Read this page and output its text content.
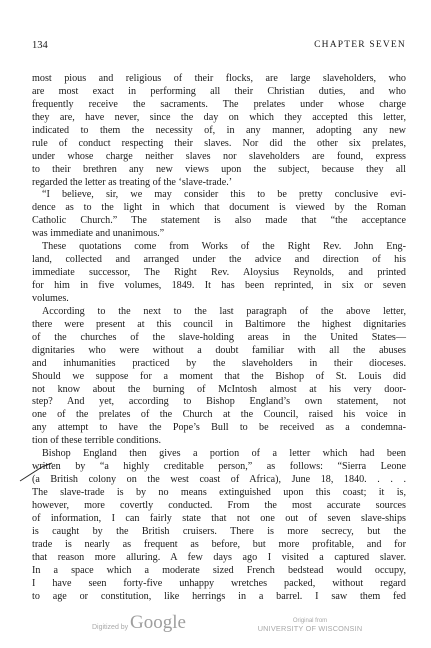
134	CHAPTER SEVEN
most pious and religious of their flocks, are large slaveholders, who
are most exact in performing all their Christian duties, and who
frequently receive the sacraments. The prelates under whose charge
they are, have never, since the day on which they accepted this letter,
indicated to them the necessity of, in any manner, adopting any new
rule of conduct respecting their slaves. Nor did the other six prelates,
under whose charge neither slaves nor slaveholders are found, express
to their brethren any new views upon the subject, because they all
regarded the letter as treating of the ‘slave-trade.’
“I believe, sir, we may consider this to be pretty conclusive evi-
dence as to the light in which that document is viewed by the Roman
Catholic Church.” The statement is also made that “the acceptance
was immediate and unanimous.”
These quotations come from Works of the Right Rev. John Eng-
land, collected and arranged under the advice and direction of his
immediate successor, The Right Rev. Aloysius Reynolds, and printed
for him in five volumes, 1849. It has been reprinted, in six or seven
volumes.
According to the next to the last paragraph of the above letter,
there were present at this council in Baltimore the highest dignitaries
of the churches of the slave-holding areas in the United States—
dignitaries who were without a doubt familiar with all the abuses
and inhumanities practiced by the slaveholders in their dioceses.
Should we suppose for a moment that the Bishop of St. Louis did
not know about the burning of McIntosh almost at his very door-
step? And yet, according to Bishop England’s own statement, not
one of the prelates of the Church at the Council, raised his voice in
any attempt to have the Pope’s Bull to be received as a condemna-
tion of these terrible conditions.
Bishop England then gives a portion of a letter which had been
written by “a highly creditable person,” as follows: “Sierra Leone
(a British colony on the west coast of Africa), June 18, 1840. . . .
The slave-trade is by no means extinguished upon this coast; it is,
however, more covertly conducted. From the most accurate sources
of information, I can fairly state that not one out of seven slave-ships
is caught by the British cruisers. There is more secrecy, but the
trade is nearly as frequent as before, but more profitable, and for
that reason more alluring. A few days ago I visited a captured slaver.
In a space which a moderate sized French bedstead would occupy,
I have seen forty-five unhappy wretches packed, without regard
to age or constitution, like herrings in a barrel. I saw them fed
Digitized by Google	Original from
UNIVERSITY OF WISCONSIN
